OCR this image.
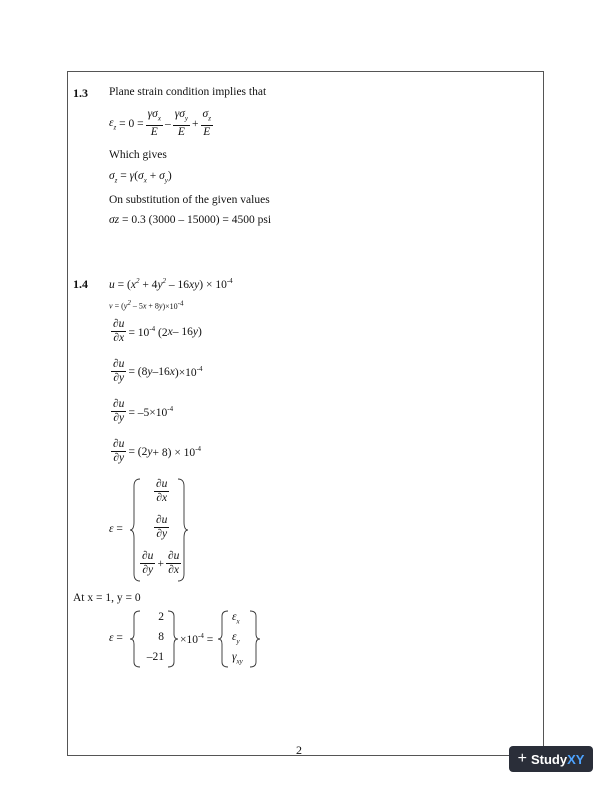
1.3 Plane strain condition implies that
$\varepsilon_z = 0 = \frac{\gamma\sigma_x}{E} - \frac{\gamma\sigma_y}{E} + \frac{\sigma_z}{E}$
Which gives
$\sigma_z = \gamma(\sigma_x + \sigma_y)$
On substitution of the given values
σz = 0.3 (3000 – 15000) = 4500 psi
1.4 $u = (x^2 + 4y^2 - 16xy) \times 10^{-4}$
$v = (y^2 - 5x + 8y)\times 10^{-4}$
$\frac{\partial u}{\partial x} = 10^{-4}$ (2 x – 16 y )
$\frac{\partial u}{\partial y} = (8$ y –16 x )$\times 10^{-4}$
$\frac{\partial u}{\partial y} = -5\times 10^{-4}$
$\frac{\partial u}{\partial y} = (2$ $y + 8) \times 10^{-4}$
ε =
$\frac{\partial u}{\partial x}$
$\frac{\partial u}{\partial y}$
$\frac{\partial u}{\partial y} + \frac{\partial u}{\partial x}$
At x = 1, y = 0
ε =
2
8
–21
$\times 10^{-4}$ =
$\varepsilon_x$
$\varepsilon_y$
$\gamma_{xy}$
2	+ Study XY
